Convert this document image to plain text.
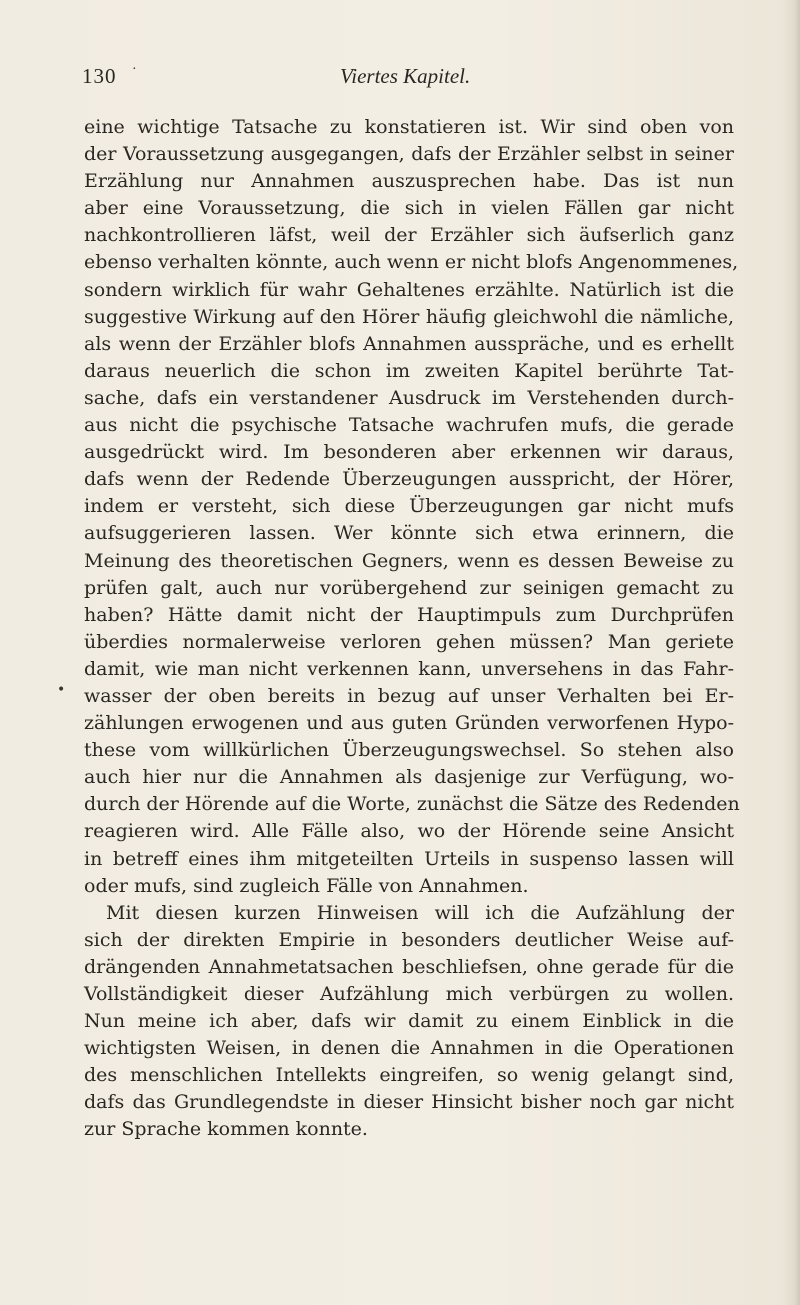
130 ·	Viertes Kapitel.
•
eine wichtige Tatsache zu konstatieren ist. Wir sind oben von
der Voraussetzung ausgegangen, dafs der Erzähler selbst in seiner
Erzählung nur Annahmen auszusprechen habe. Das ist nun
aber eine Voraussetzung, die sich in vielen Fällen gar nicht
nachkontrollieren läfst, weil der Erzähler sich äufserlich ganz
ebenso verhalten könnte, auch wenn er nicht blofs Angenommenes,
sondern wirklich für wahr Gehaltenes erzählte. Natürlich ist die
suggestive Wirkung auf den Hörer häufig gleichwohl die nämliche,
als wenn der Erzähler blofs Annahmen ausspräche, und es erhellt
daraus neuerlich die schon im zweiten Kapitel berührte Tat-
sache, dafs ein verstandener Ausdruck im Verstehenden durch-
aus nicht die psychische Tatsache wachrufen mufs, die gerade
ausgedrückt wird. Im besonderen aber erkennen wir daraus,
dafs wenn der Redende Überzeugungen ausspricht, der Hörer,
indem er versteht, sich diese Überzeugungen gar nicht mufs
aufsuggerieren lassen. Wer könnte sich etwa erinnern, die
Meinung des theoretischen Gegners, wenn es dessen Beweise zu
prüfen galt, auch nur vorübergehend zur seinigen gemacht zu
haben? Hätte damit nicht der Hauptimpuls zum Durchprüfen
überdies normalerweise verloren gehen müssen? Man geriete
damit, wie man nicht verkennen kann, unversehens in das Fahr-
wasser der oben bereits in bezug auf unser Verhalten bei Er-
zählungen erwogenen und aus guten Gründen verworfenen Hypo-
these vom willkürlichen Überzeugungswechsel. So stehen also
auch hier nur die Annahmen als dasjenige zur Verfügung, wo-
durch der Hörende auf die Worte, zunächst die Sätze des Redenden
reagieren wird. Alle Fälle also, wo der Hörende seine Ansicht
in betreff eines ihm mitgeteilten Urteils in suspenso lassen will
oder mufs, sind zugleich Fälle von Annahmen.
Mit diesen kurzen Hinweisen will ich die Aufzählung der
sich der direkten Empirie in besonders deutlicher Weise auf-
drängenden Annahmetatsachen beschliefsen, ohne gerade für die
Vollständigkeit dieser Aufzählung mich verbürgen zu wollen.
Nun meine ich aber, dafs wir damit zu einem Einblick in die
wichtigsten Weisen, in denen die Annahmen in die Operationen
des menschlichen Intellekts eingreifen, so wenig gelangt sind,
dafs das Grundlegendste in dieser Hinsicht bisher noch gar nicht
zur Sprache kommen konnte.
